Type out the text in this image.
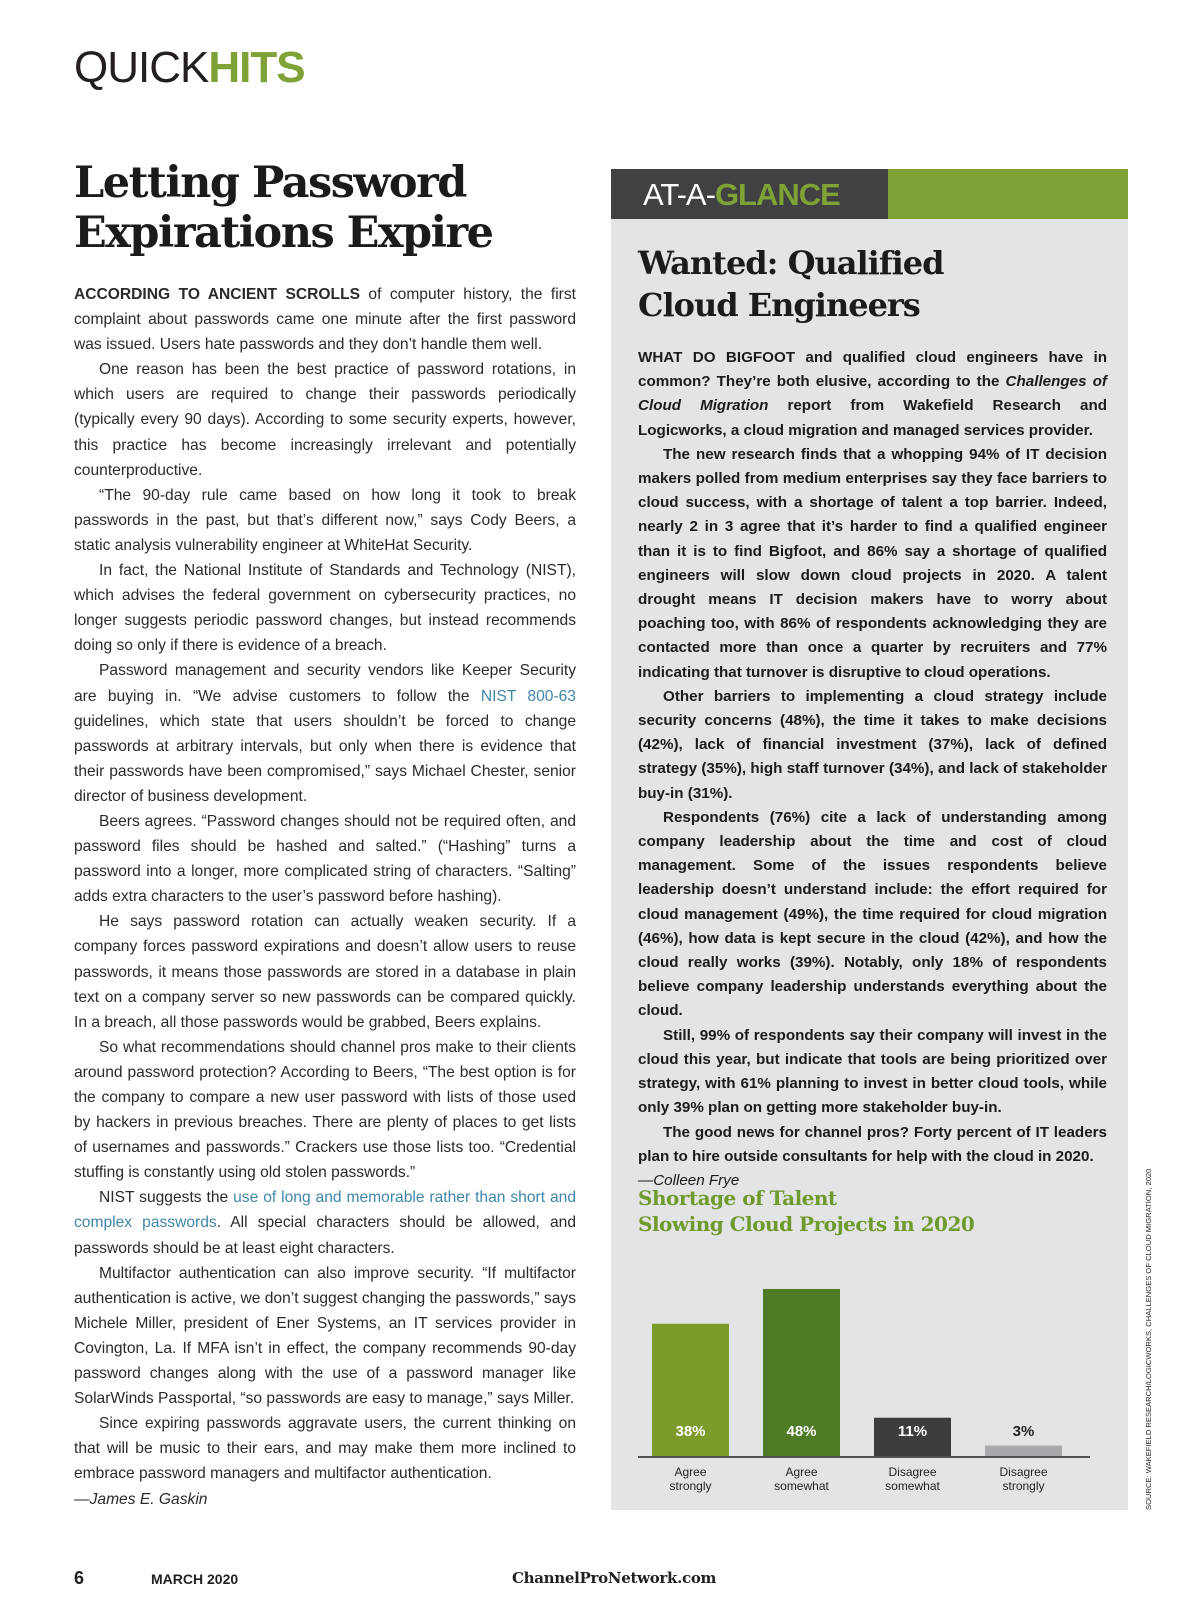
QUICKHITS
Letting Password
Expirations Expire

ACCORDING TO ANCIENT SCROLLS of computer history, the first complaint about passwords came one minute after the first password was issued. Users hate passwords and they don’t handle them well.

One reason has been the best practice of password rotations, in which users are required to change their passwords periodically (typically every 90 days). According to some security experts, however, this practice has become increasingly irrelevant and potentially counterproductive.

“The 90-day rule came based on how long it took to break passwords in the past, but that’s different now,” says Cody Beers, a static analysis vulnerability engineer at WhiteHat Security.

In fact, the National Institute of Standards and Technology (NIST), which advises the federal government on cybersecurity practices, no longer suggests periodic password changes, but instead recommends doing so only if there is evidence of a breach.

Password management and security vendors like Keeper Security are buying in. “We advise customers to follow the NIST 800-63 guidelines, which state that users shouldn’t be forced to change passwords at arbitrary intervals, but only when there is evidence that their passwords have been compromised,” says Michael Chester, senior director of business development.

Beers agrees. “Password changes should not be required often, and password files should be hashed and salted.” (“Hashing” turns a password into a longer, more complicated string of characters. “Salting” adds extra characters to the user’s password before hashing).

He says password rotation can actually weaken security. If a company forces password expirations and doesn’t allow users to reuse passwords, it means those passwords are stored in a database in plain text on a company server so new passwords can be compared quickly. In a breach, all those passwords would be grabbed, Beers explains.

So what recommendations should channel pros make to their clients around password protection? According to Beers, “The best option is for the company to compare a new user password with lists of those used by hackers in previous breaches. There are plenty of places to get lists of usernames and passwords.” Crackers use those lists too. “Credential stuffing is constantly using old stolen passwords.”

NIST suggests the use of long and memorable rather than short and complex passwords. All special characters should be allowed, and passwords should be at least eight characters.

Multifactor authentication can also improve security. “If multifactor authentication is active, we don’t suggest changing the passwords,” says Michele Miller, president of Ener Systems, an IT services provider in Covington, La. If MFA isn’t in effect, the company recommends 90-day password changes along with the use of a password manager like SolarWinds Passportal, “so passwords are easy to manage,” says Miller.

Since expiring passwords aggravate users, the current thinking on that will be music to their ears, and may make them more inclined to embrace password managers and multifactor authentication.
—James E. Gaskin

AT-A-GLANCE
Wanted: Qualified
Cloud Engineers

WHAT DO BIGFOOT and qualified cloud engineers have in common? They’re both elusive, according to the Challenges of Cloud Migration report from Wakefield Research and Logicworks, a cloud migration and managed services provider.

The new research finds that a whopping 94% of IT decision makers polled from medium enterprises say they face barriers to cloud success, with a shortage of talent a top barrier. Indeed, nearly 2 in 3 agree that it’s harder to find a qualified engineer than it is to find Bigfoot, and 86% say a shortage of qualified engineers will slow down cloud projects in 2020. A talent drought means IT decision makers have to worry about poaching too, with 86% of respondents acknowledging they are contacted more than once a quarter by recruiters and 77% indicating that turnover is disruptive to cloud operations.

Other barriers to implementing a cloud strategy include security concerns (48%), the time it takes to make decisions (42%), lack of financial investment (37%), lack of defined strategy (35%), high staff turnover (34%), and lack of stakeholder buy-in (31%).

Respondents (76%) cite a lack of understanding among company leadership about the time and cost of cloud management. Some of the issues respondents believe leadership doesn’t understand include: the effort required for cloud management (49%), the time required for cloud migration (46%), how data is kept secure in the cloud (42%), and how the cloud really works (39%). Notably, only 18% of respondents believe company leadership understands everything about the cloud.

Still, 99% of respondents say their company will invest in the cloud this year, but indicate that tools are being prioritized over strategy, with 61% planning to invest in better cloud tools, while only 39% plan on getting more stakeholder buy-in.

The good news for channel pros? Forty percent of IT leaders plan to hire outside consultants for help with the cloud in 2020.
—Colleen Frye

Shortage of Talent
Slowing Cloud Projects in 2020
38%
Agree
strongly
48%
Agree
somewhat
11%
Disagree
somewhat
3%
Disagree
strongly	SOURCE: WAKEFIELD RESEARCH/LOGICWORKS, CHALLENGES OF CLOUD MIGRATION, 2020
6	MARCH 2020	ChannelProNetwork.com
